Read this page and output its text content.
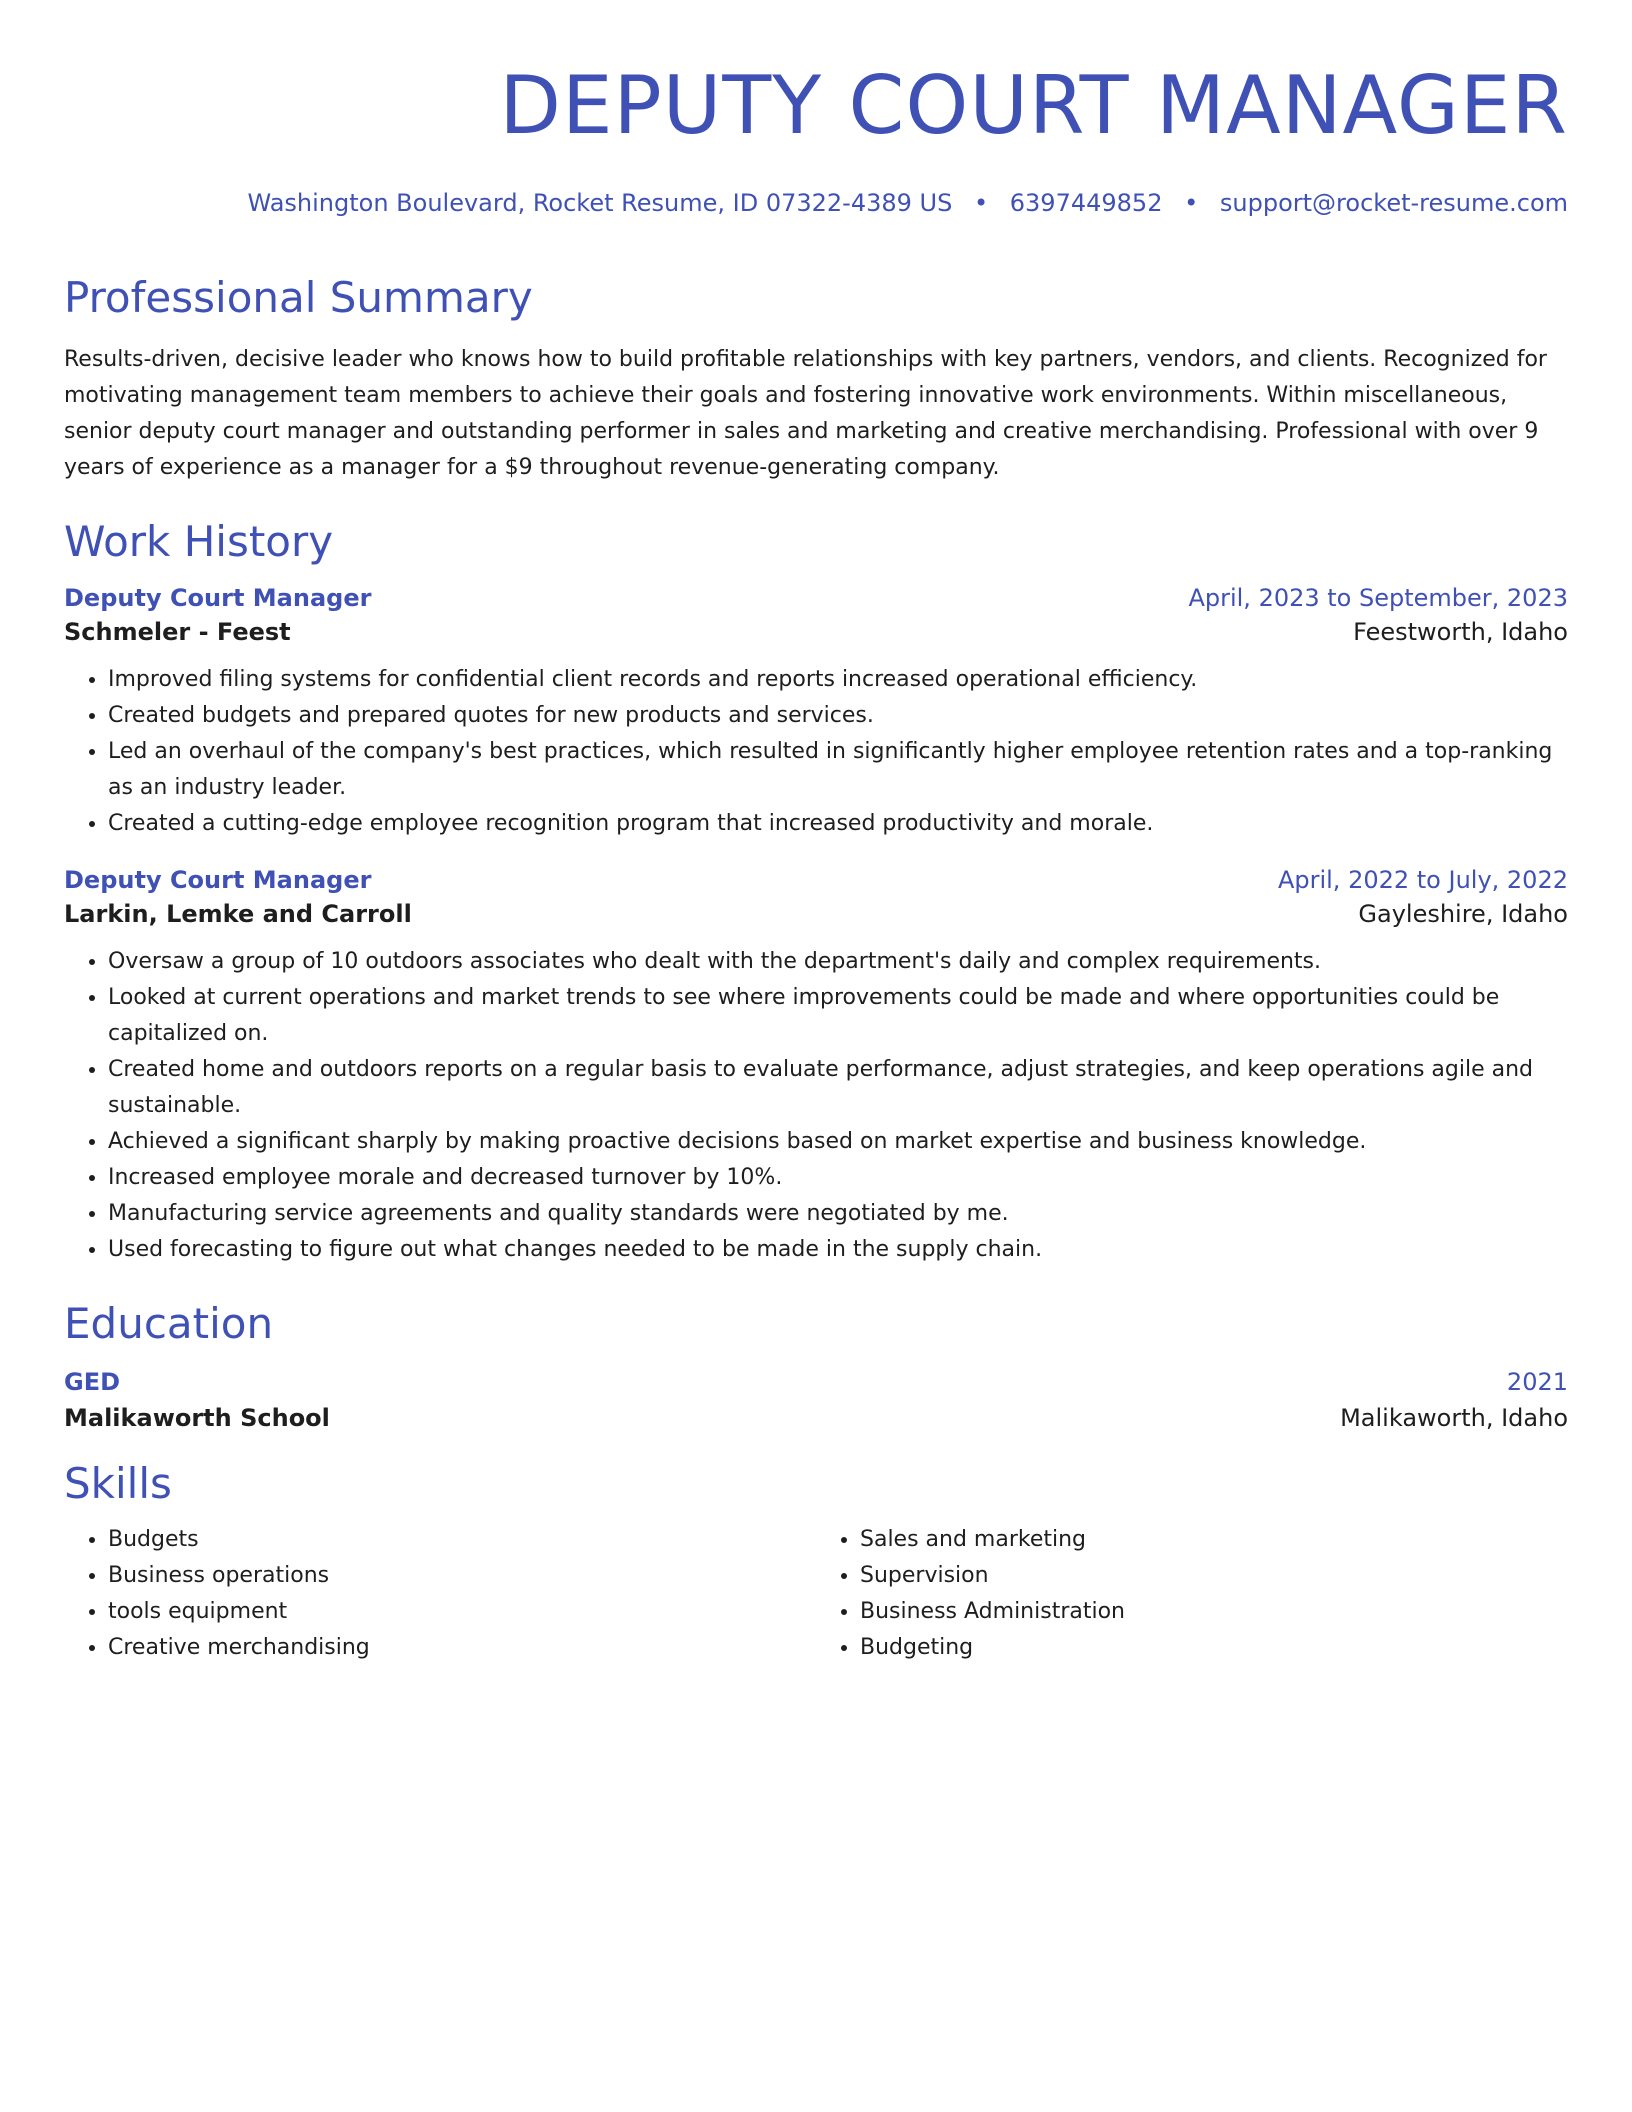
DEPUTY COURT MANAGER
Washington Boulevard, Rocket Resume, ID 07322-4389 US • 6397449852 • support@rocket-resume.com
Professional Summary
Results-driven, decisive leader who knows how to build profitable relationships with key partners, vendors, and clients. Recognized for motivating management team members to achieve their goals and fostering innovative work environments. Within miscellaneous, senior deputy court manager and outstanding performer in sales and marketing and creative merchandising. Professional with over 9 years of experience as a manager for a $9 throughout revenue-generating company.
Work History
Deputy Court Manager	April, 2023 to September, 2023
Schmeler - Feest	Feestworth, Idaho
• Improved filing systems for confidential client records and reports increased operational efficiency.
• Created budgets and prepared quotes for new products and services.
• Led an overhaul of the company's best practices, which resulted in significantly higher employee retention rates and a top-ranking as an industry leader.
• Created a cutting-edge employee recognition program that increased productivity and morale.
Deputy Court Manager	April, 2022 to July, 2022
Larkin, Lemke and Carroll	Gayleshire, Idaho
• Oversaw a group of 10 outdoors associates who dealt with the department's daily and complex requirements.
• Looked at current operations and market trends to see where improvements could be made and where opportunities could be capitalized on.
• Created home and outdoors reports on a regular basis to evaluate performance, adjust strategies, and keep operations agile and sustainable.
• Achieved a significant sharply by making proactive decisions based on market expertise and business knowledge.
• Increased employee morale and decreased turnover by 10%.
• Manufacturing service agreements and quality standards were negotiated by me.
• Used forecasting to figure out what changes needed to be made in the supply chain.
Education
GED	2021
Malikaworth School	Malikaworth, Idaho
Skills
• Budgets
• Business operations
• tools equipment
• Creative merchandising
• Sales and marketing
• Supervision
• Business Administration
• Budgeting
